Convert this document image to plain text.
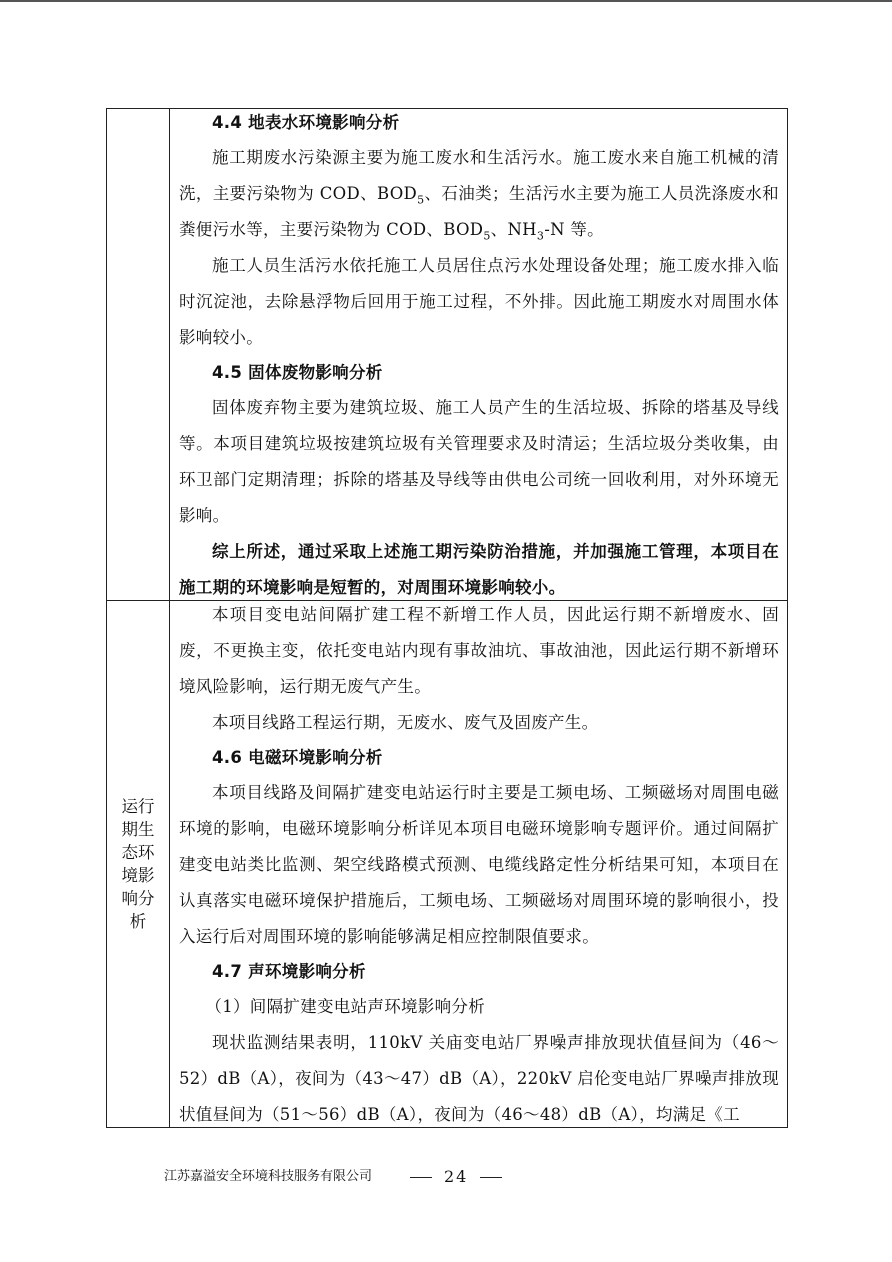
4.4 地表水环境影响分析

施工期废水污染源主要为施工废水和生活污水。施工废水来自施工机械的清洗，主要污染物为 COD、$BOD_5$、石油类；生活污水主要为施工人员洗涤废水和粪便污水等，主要污染物为 COD、$BOD_5$、$NH_3-N$ 等。

施工人员生活污水依托施工人员居住点污水处理设备处理；施工废水排入临时沉淀池，去除悬浮物后回用于施工过程，不外排。因此施工期废水对周围水体影响较小。

4.5 固体废物影响分析

固体废弃物主要为建筑垃圾、施工人员产生的生活垃圾、拆除的塔基及导线等。本项目建筑垃圾按建筑垃圾有关管理要求及时清运；生活垃圾分类收集，由环卫部门定期清理；拆除的塔基及导线等由供电公司统一回收利用，对外环境无影响。

综上所述，通过采取上述施工期污染防治措施，并加强施工管理，本项目在施工期的环境影响是短暂的，对周围环境影响较小。

运行期生态环境影响分析

本项目变电站间隔扩建工程不新增工作人员，因此运行期不新增废水、固废，不更换主变，依托变电站内现有事故油坑、事故油池，因此运行期不新增环境风险影响，运行期无废气产生。

本项目线路工程运行期，无废水、废气及固废产生。

4.6 电磁环境影响分析

本项目线路及间隔扩建变电站运行时主要是工频电场、工频磁场对周围电磁环境的影响，电磁环境影响分析详见本项目电磁环境影响专题评价。通过间隔扩建变电站类比监测、架空线路模式预测、电缆线路定性分析结果可知，本项目在认真落实电磁环境保护措施后，工频电场、工频磁场对周围环境的影响很小，投入运行后对周围环境的影响能够满足相应控制限值要求。

4.7 声环境影响分析

（1）间隔扩建变电站声环境影响分析

现状监测结果表明，110kV 关庙变电站厂界噪声排放现状值昼间为（46～52）dB（A），夜间为（43～47）dB（A），220kV 启伦变电站厂界噪声排放现状值昼间为（51～56）dB（A），夜间为（46～48）dB（A），均满足《工

江苏嘉溢安全环境科技服务有限公司	24
